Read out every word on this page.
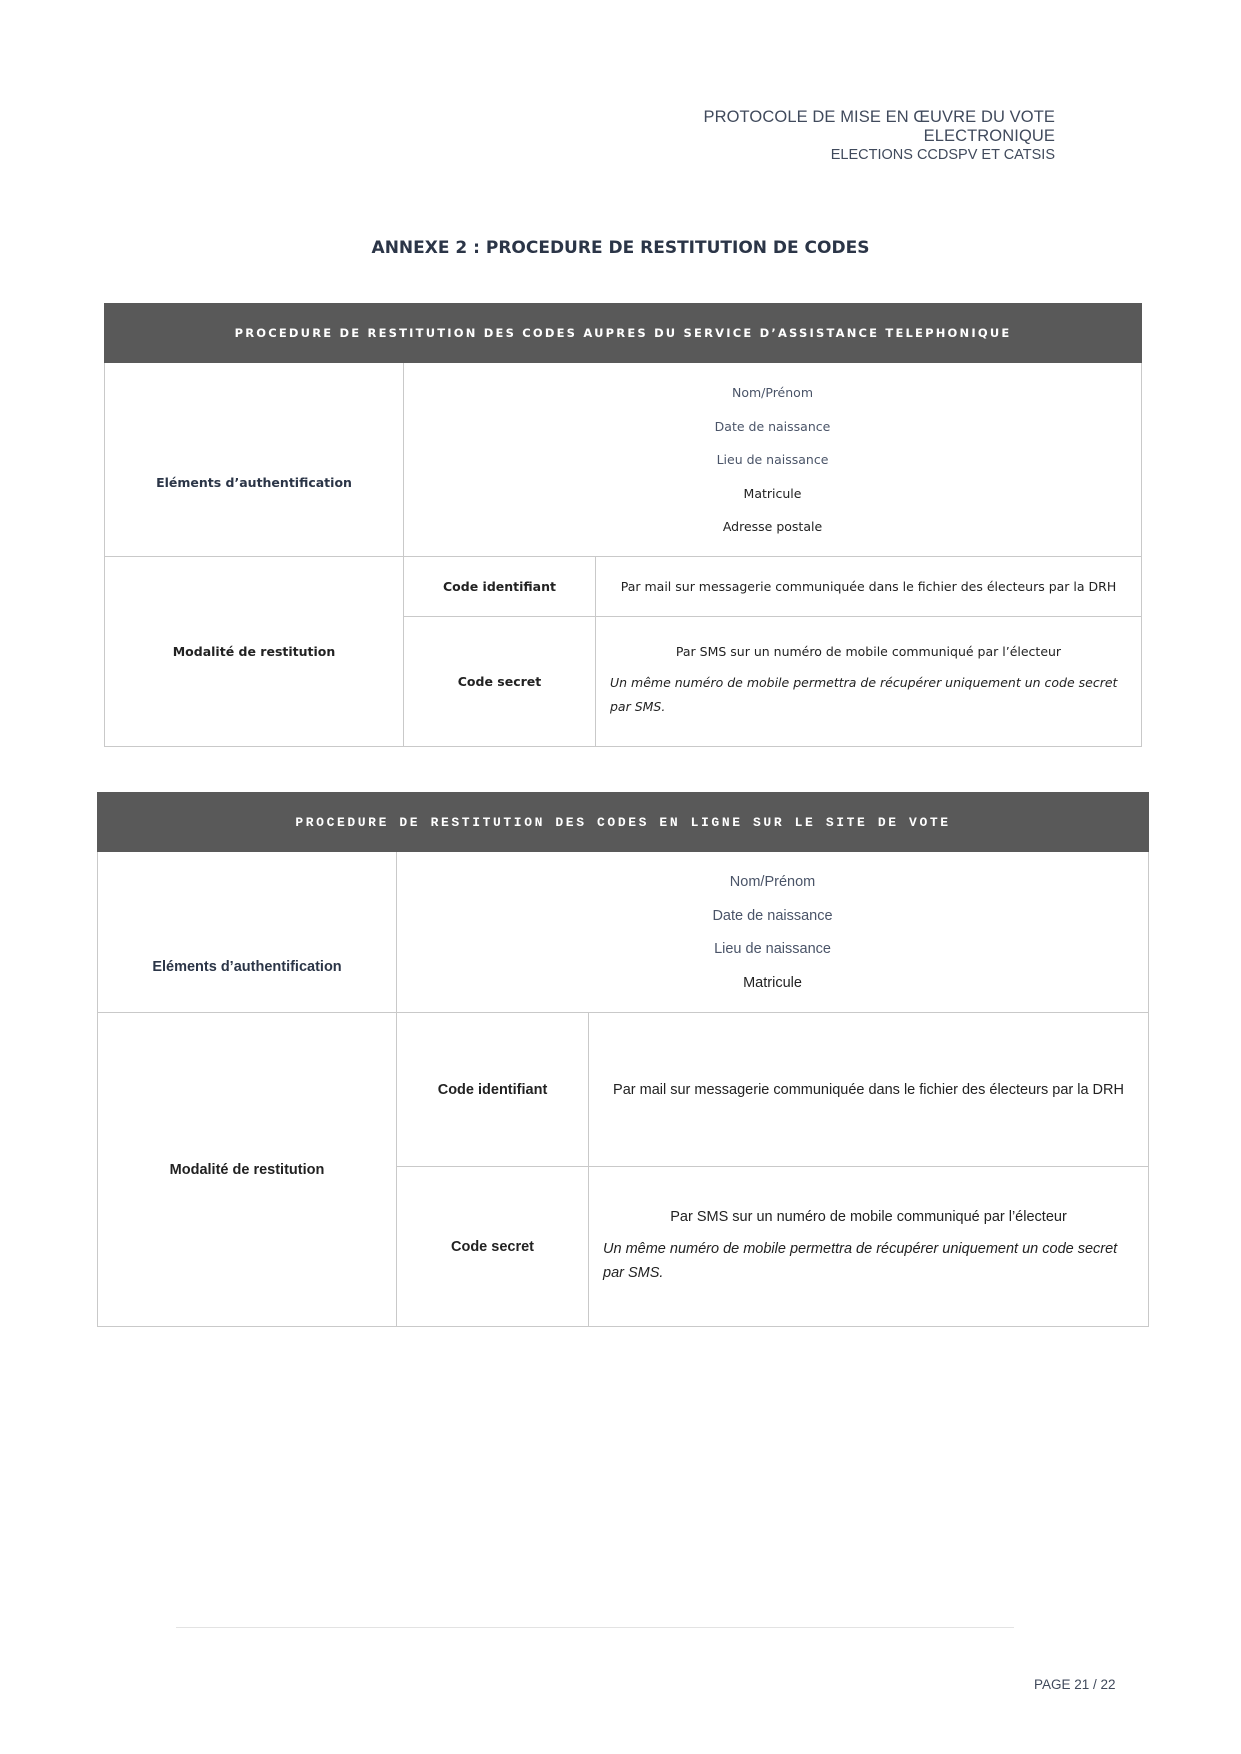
PROTOCOLE DE MISE EN ŒUVRE DU VOTE
ELECTRONIQUE
ELECTIONS CCDSPV ET CATSIS
ANNEXE 2 : PROCEDURE DE RESTITUTION DE CODES
PROCEDURE DE RESTITUTION DES CODES AUPRES DU SERVICE D’ASSISTANCE TELEPHONIQUE		
Eléments d’authentification	Nom/Prénom
Date de naissance
Lieu de naissance
Matricule
Adresse postale	

Modalité de restitution	Code identifiant	Par mail sur messagerie communiquée dans le fichier des électeurs par la DRH
	Code secret	Par SMS sur un numéro de mobile communiqué par l’électeur
Un même numéro de mobile permettra de récupérer uniquement un code secret par SMS.
PROCEDURE DE RESTITUTION DES CODES EN LIGNE SUR LE SITE DE VOTE		
Eléments d’authentification	Nom/Prénom
Date de naissance
Lieu de naissance
Matricule	

Modalité de restitution	Code identifiant	Par mail sur messagerie communiquée dans le fichier des électeurs par la DRH
	Code secret	Par SMS sur un numéro de mobile communiqué par l’électeur
Un même numéro de mobile permettra de récupérer uniquement un code secret par SMS.
PAGE 21 / 22
